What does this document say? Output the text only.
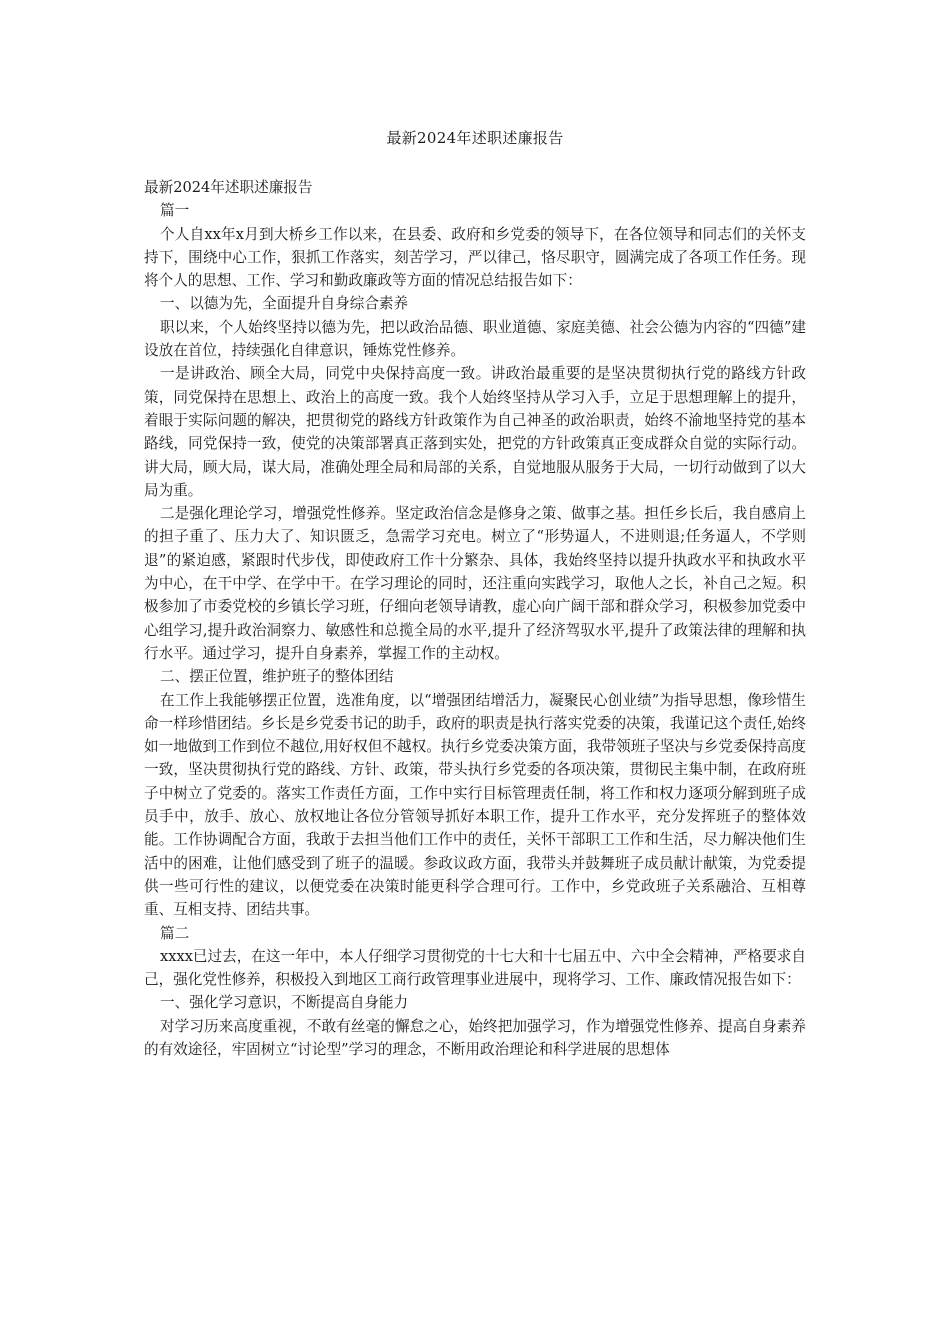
最新2024年述职述廉报告

最新2024年述职述廉报告

篇一

个人自xx年x月到大桥乡工作以来，在县委、政府和乡党委的领导下，在各位领导和同志们的关怀支持下，围绕中心工作，狠抓工作落实，刻苦学习，严以律己，恪尽职守，圆满完成了各项工作任务。现将个人的思想、工作、学习和勤政廉政等方面的情况总结报告如下：

一、以德为先，全面提升自身综合素养

职以来，个人始终坚持以德为先，把以政治品德、职业道德、家庭美德、社会公德为内容的“四德”建设放在首位，持续强化自律意识，锤炼党性修养。

一是讲政治、顾全大局，同党中央保持高度一致。讲政治最重要的是坚决贯彻执行党的路线方针政策，同党保持在思想上、政治上的高度一致。我个人始终坚持从学习入手，立足于思想理解上的提升，着眼于实际问题的解决，把贯彻党的路线方针政策作为自己神圣的政治职责，始终不渝地坚持党的基本路线，同党保持一致，使党的决策部署真正落到实处，把党的方针政策真正变成群众自觉的实际行动。讲大局，顾大局，谋大局，准确处理全局和局部的关系，自觉地服从服务于大局，一切行动做到了以大局为重。

二是强化理论学习，增强党性修养。坚定政治信念是修身之策、做事之基。担任乡长后，我自感肩上的担子重了、压力大了、知识匮乏，急需学习充电。树立了“形势逼人，不进则退;任务逼人，不学则退”的紧迫感，紧跟时代步伐，即使政府工作十分繁杂、具体，我始终坚持以提升执政水平和执政水平为中心，在干中学、在学中干。在学习理论的同时，还注重向实践学习，取他人之长，补自己之短。积极参加了市委党校的乡镇长学习班，仔细向老领导请教，虚心向广阔干部和群众学习，积极参加党委中心组学习,提升政治洞察力、敏感性和总揽全局的水平,提升了经济驾驭水平,提升了政策法律的理解和执行水平。通过学习，提升自身素养，掌握工作的主动权。

二、摆正位置，维护班子的整体团结

在工作上我能够摆正位置，选准角度，以“增强团结增活力，凝聚民心创业绩”为指导思想，像珍惜生命一样珍惜团结。乡长是乡党委书记的助手，政府的职责是执行落实党委的决策，我谨记这个责任,始终如一地做到工作到位不越位,用好权但不越权。执行乡党委决策方面，我带领班子坚决与乡党委保持高度一致，坚决贯彻执行党的路线、方针、政策，带头执行乡党委的各项决策，贯彻民主集中制，在政府班子中树立了党委的。落实工作责任方面，工作中实行目标管理责任制，将工作和权力逐项分解到班子成员手中，放手、放心、放权地让各位分管领导抓好本职工作，提升工作水平，充分发挥班子的整体效能。工作协调配合方面，我敢于去担当他们工作中的责任，关怀干部职工工作和生活，尽力解决他们生活中的困难，让他们感受到了班子的温暖。参政议政方面，我带头并鼓舞班子成员献计献策，为党委提供一些可行性的建议，以便党委在决策时能更科学合理可行。工作中，乡党政班子关系融洽、互相尊重、互相支持、团结共事。

篇二

xxxx已过去，在这一年中，本人仔细学习贯彻党的十七大和十七届五中、六中全会精神，严格要求自己，强化党性修养，积极投入到地区工商行政管理事业进展中，现将学习、工作、廉政情况报告如下：

一、强化学习意识，不断提高自身能力

对学习历来高度重视，不敢有丝毫的懈怠之心，始终把加强学习，作为增强党性修养、提高自身素养的有效途径，牢固树立“讨论型”学习的理念，不断用政治理论和科学进展的思想体
